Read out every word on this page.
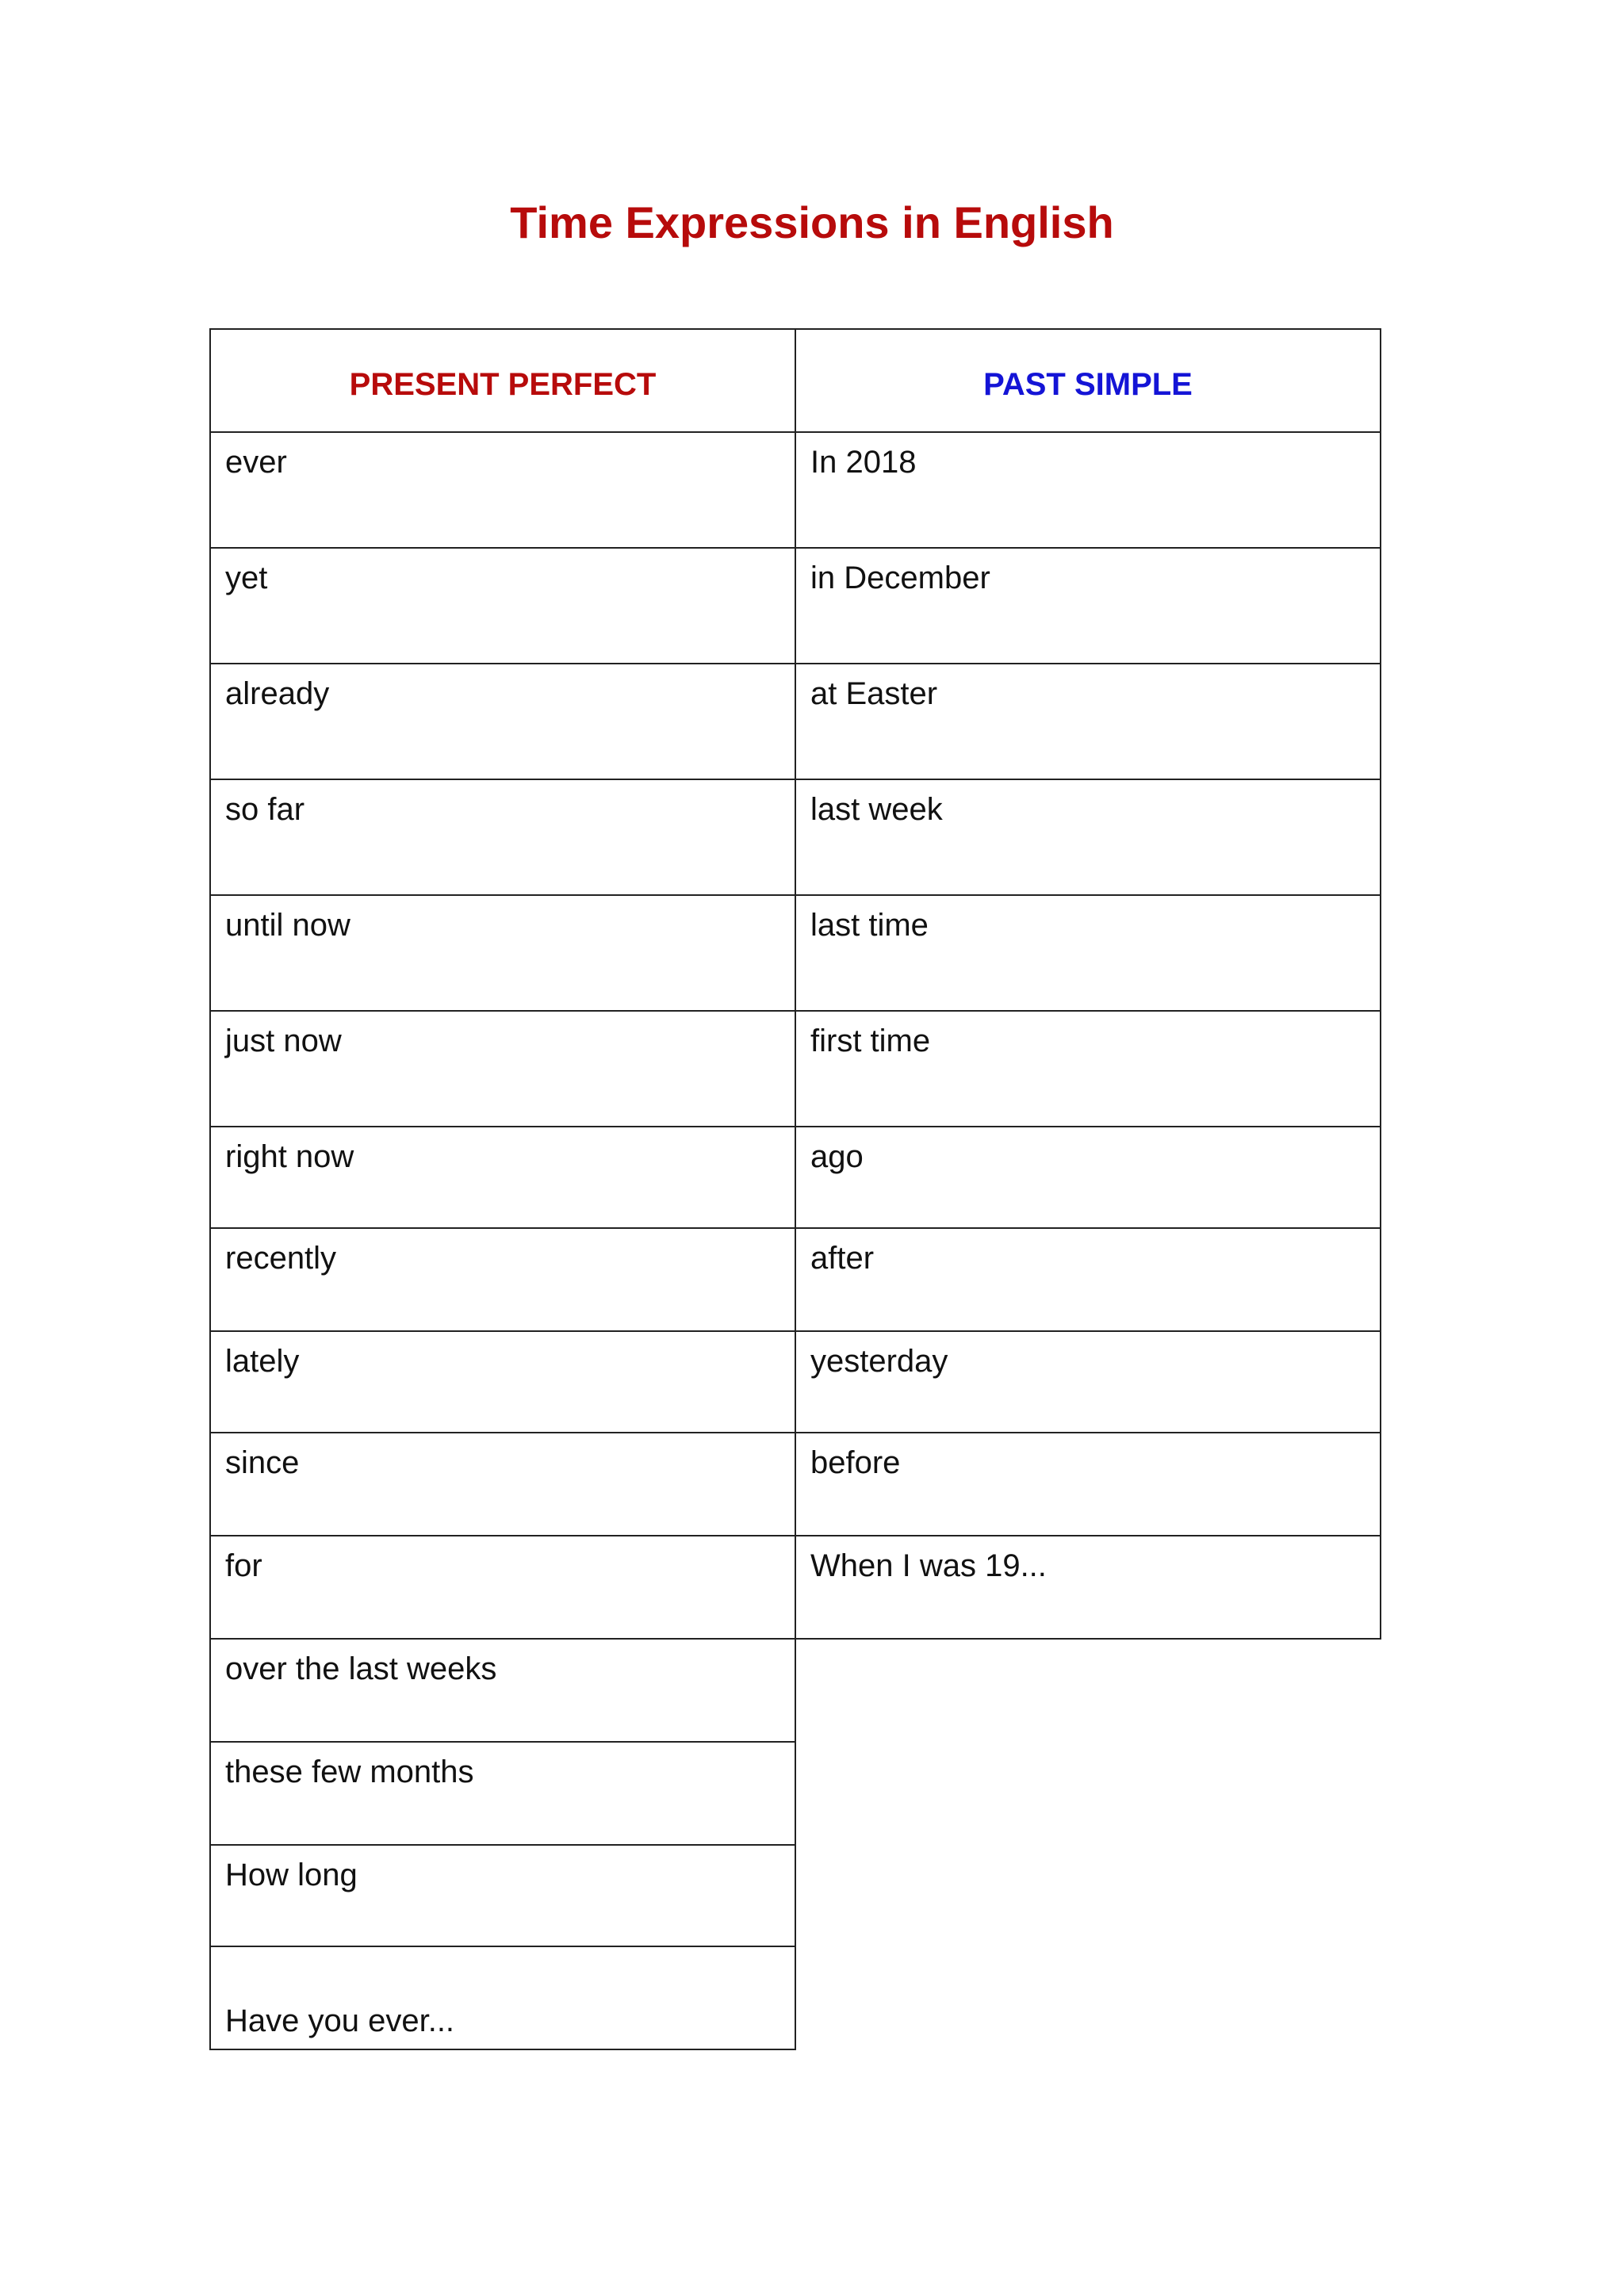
Time Expressions in English
PRESENT PERFECT	PAST SIMPLE
ever	In 2018
yet	in December
already	at Easter
so far	last week
until now	last time
just now	first time
right now	ago
recently	after
lately	yesterday
since	before
for	When I was 19...
over the last weeks
these few months
How long
Have you ever...
